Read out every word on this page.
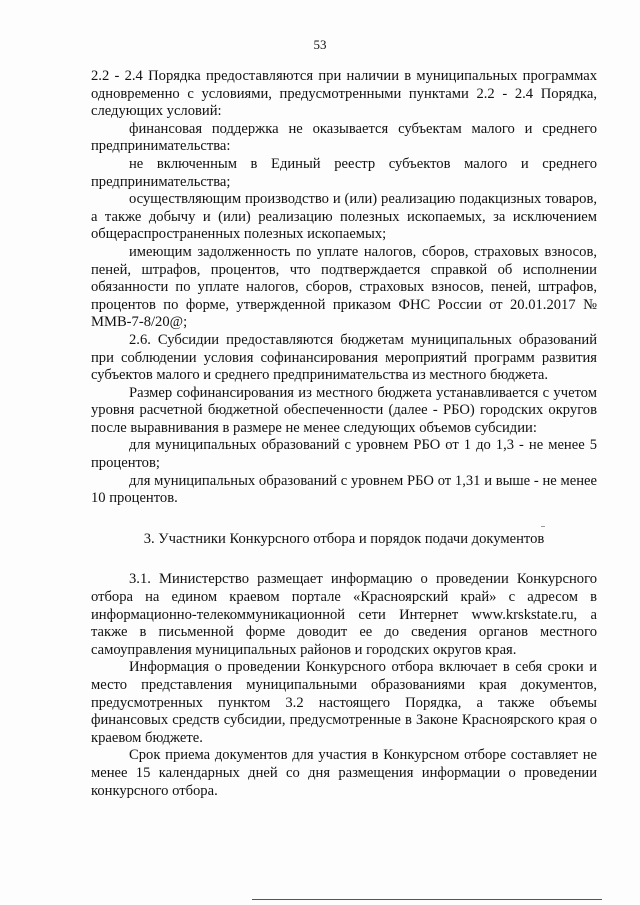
53

2.2 - 2.4 Порядка предоставляются при наличии в муниципальных программах одновременно с условиями, предусмотренными пунктами 2.2 - 2.4 Порядка, следующих условий:

финансовая поддержка не оказывается субъектам малого и среднего предпринимательства:

не включенным в Единый реестр субъектов малого и среднего предпринимательства;

осуществляющим производство и (или) реализацию подакцизных товаров, а также добычу и (или) реализацию полезных ископаемых, за исключением общераспространенных полезных ископаемых;

имеющим задолженность по уплате налогов, сборов, страховых взносов, пеней, штрафов, процентов, что подтверждается справкой об исполнении обязанности по уплате налогов, сборов, страховых взносов, пеней, штрафов, процентов по форме, утвержденной приказом ФНС России от 20.01.2017 № ММВ-7-8/20@;

2.6. Субсидии предоставляются бюджетам муниципальных образований при соблюдении условия софинансирования мероприятий программ развития субъектов малого и среднего предпринимательства из местного бюджета.

Размер софинансирования из местного бюджета устанавливается с учетом уровня расчетной бюджетной обеспеченности (далее - РБО) городских округов после выравнивания в размере не менее следующих объемов субсидии:

для муниципальных образований с уровнем РБО от 1 до 1,3 - не менее 5 процентов;

для муниципальных образований с уровнем РБО от 1,31 и выше - не менее 10 процентов.

3. Участники Конкурсного отбора и порядок подачи документов

3.1. Министерство размещает информацию о проведении Конкурсного отбора на едином краевом портале «Красноярский край» с адресом в информационно-телекоммуникационной сети Интернет www.krskstate.ru, а также в письменной форме доводит ее до сведения органов местного самоуправления муниципальных районов и городских округов края.

Информация о проведении Конкурсного отбора включает в себя сроки и место представления муниципальными образованиями края документов, предусмотренных пунктом 3.2 настоящего Порядка, а также объемы финансовых средств субсидии, предусмотренные в Законе Красноярского края о краевом бюджете.

Срок приема документов для участия в Конкурсном отборе составляет не менее 15 календарных дней со дня размещения информации о проведении конкурсного отбора.
